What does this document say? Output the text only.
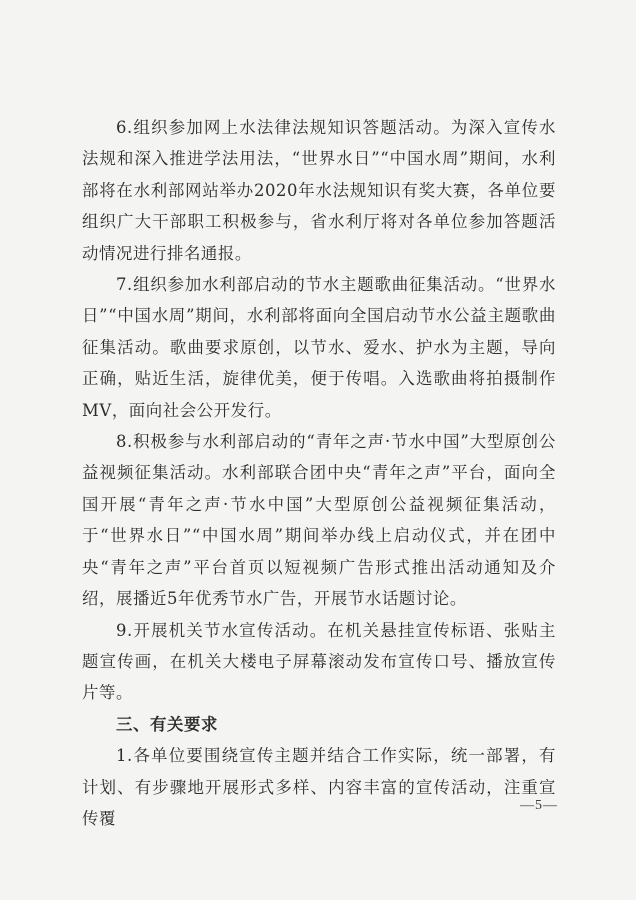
6.组织参加网上水法律法规知识答题活动。为深入宣传水法规和深入推进学法用法，“世界水日”“中国水周”期间，水利部将在水利部网站举办2020年水法规知识有奖大赛，各单位要组织广大干部职工积极参与，省水利厅将对各单位参加答题活动情况进行排名通报。

7.组织参加水利部启动的节水主题歌曲征集活动。“世界水日”“中国水周”期间，水利部将面向全国启动节水公益主题歌曲征集活动。歌曲要求原创，以节水、爱水、护水为主题，导向正确，贴近生活，旋律优美，便于传唱。入选歌曲将拍摄制作MV，面向社会公开发行。

8.积极参与水利部启动的“青年之声·节水中国”大型原创公益视频征集活动。水利部联合团中央“青年之声”平台，面向全国开展“青年之声·节水中国”大型原创公益视频征集活动，于“世界水日”“中国水周”期间举办线上启动仪式，并在团中央“青年之声”平台首页以短视频广告形式推出活动通知及介绍，展播近5年优秀节水广告，开展节水话题讨论。

9.开展机关节水宣传活动。在机关悬挂宣传标语、张贴主题宣传画，在机关大楼电子屏幕滚动发布宣传口号、播放宣传片等。

三、有关要求

1.各单位要围绕宣传主题并结合工作实际，统一部署，有计划、有步骤地开展形式多样、内容丰富的宣传活动，注重宣传覆

—5—
